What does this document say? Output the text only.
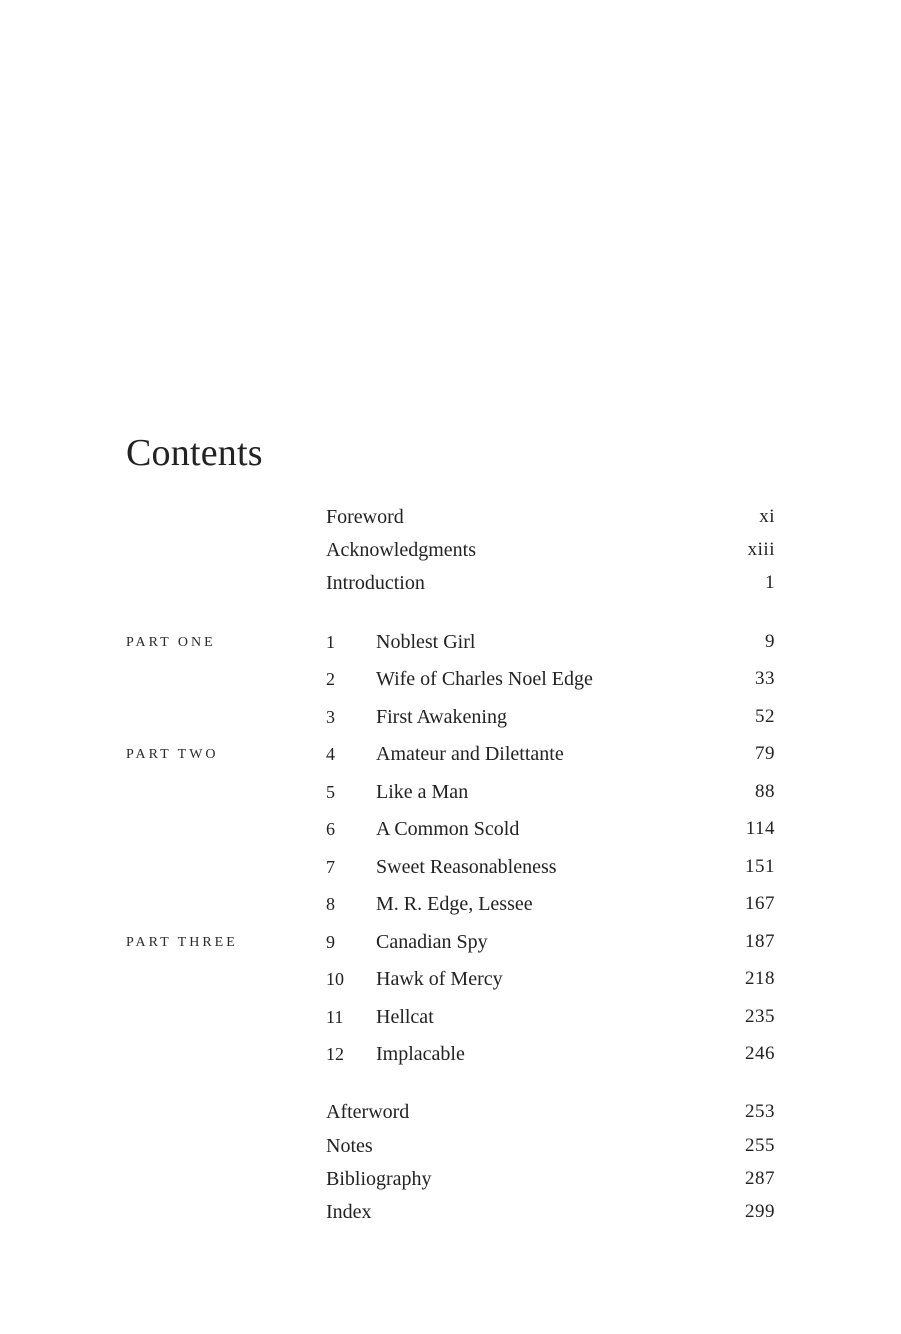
Contents
Foreword	xi
Acknowledgments	xiii
Introduction	1
PART ONE	1 Noblest Girl	9
2 Wife of Charles Noel Edge	33
3 First Awakening	52
PART TWO	4 Amateur and Dilettante	79
5 Like a Man	88
6 A Common Scold	114
7 Sweet Reasonableness	151
8 M. R. Edge, Lessee	167
PART THREE	9 Canadian Spy	187
10 Hawk of Mercy	218
11 Hellcat	235
12 Implacable	246
Afterword	253
Notes	255
Bibliography	287
Index	299
